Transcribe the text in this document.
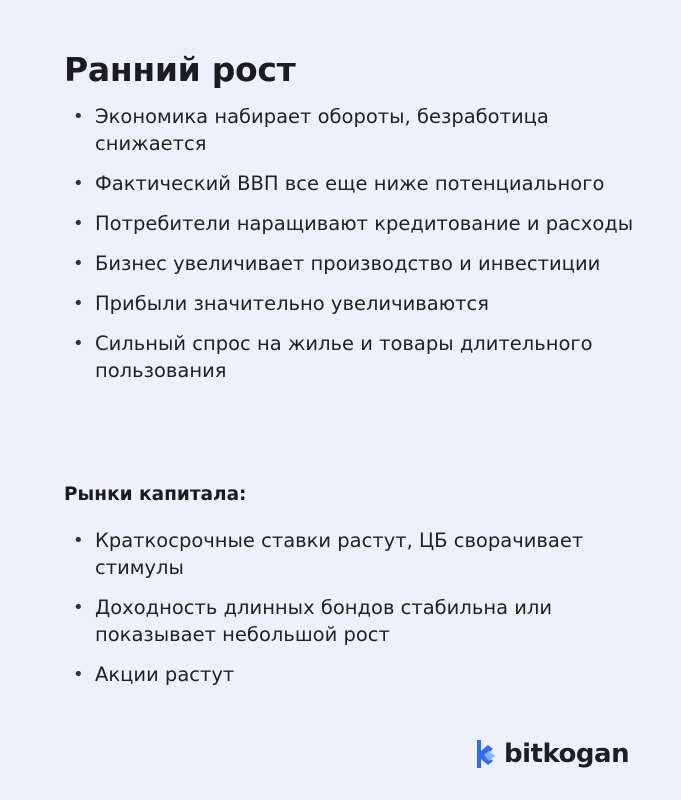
Ранний рост
• Экономика набирает обороты, безработица снижается
• Фактический ВВП все еще ниже потенциального
• Потребители наращивают кредитование и расходы
• Бизнес увеличивает производство и инвестиции
• Прибыли значительно увеличиваются
• Сильный спрос на жилье и товары длительного пользования
Рынки капитала:
• Краткосрочные ставки растут, ЦБ сворачивает стимулы
• Доходность длинных бондов стабильна или показывает небольшой рост
• Акции растут
bitkogan
